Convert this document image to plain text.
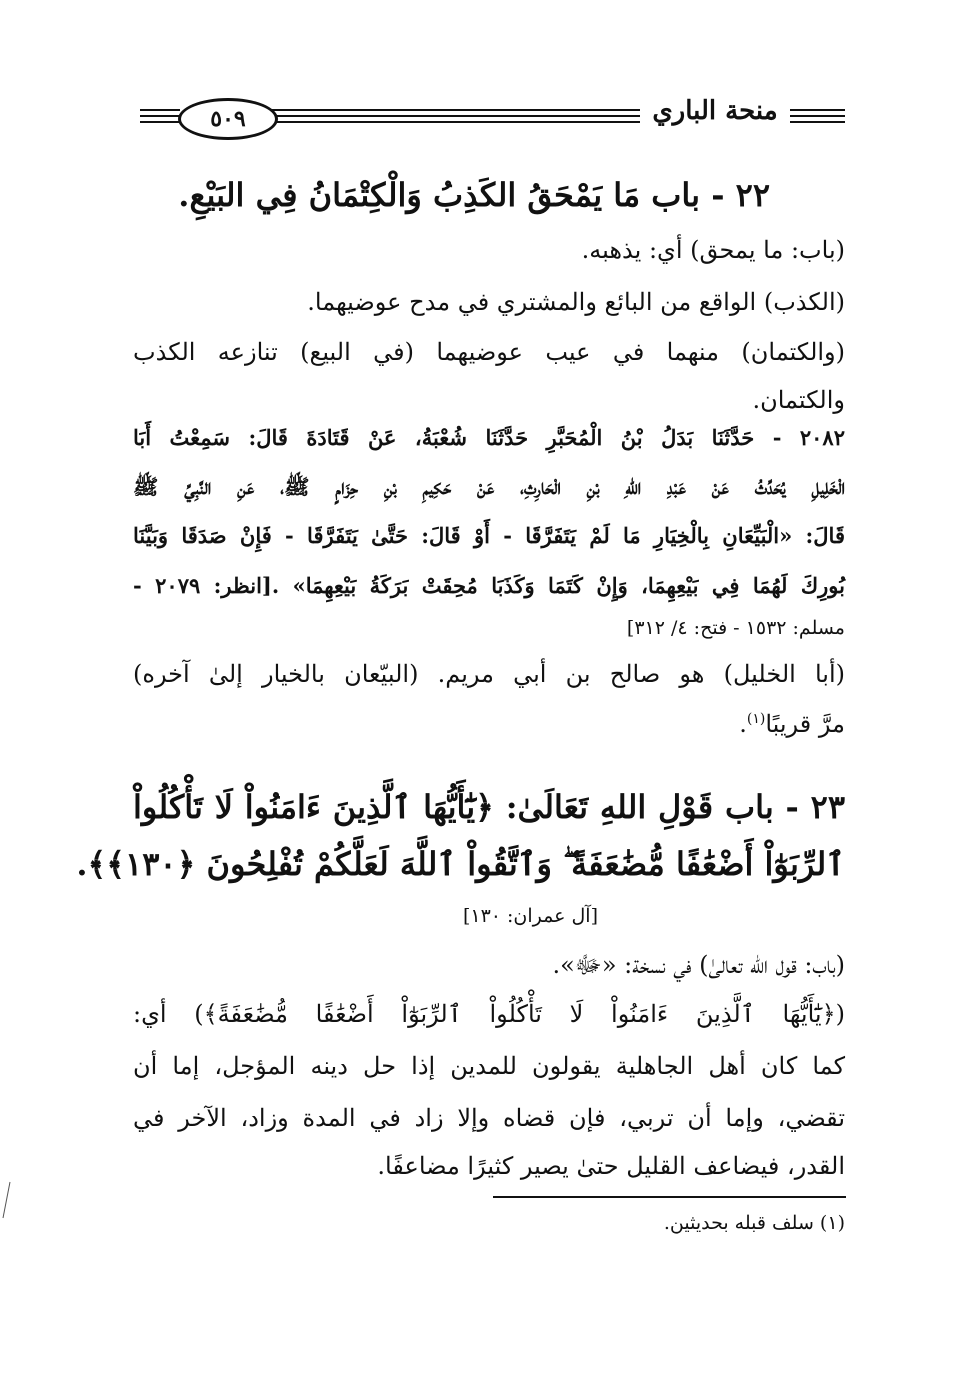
٥٠٩	منحة الباري
٢٢ - باب مَا يَمْحَقُ الكَذِبُ وَالْكِتْمَانُ فِي البَيْعِ.
(باب: ما يمحق) أي: يذهبه.
(الكذب) الواقع من البائع والمشتري في مدح عوضيهما.
(والكتمان) منهما في عيب عوضيهما (في البيع) تنازعه الكذب
والكتمان.
٢٠٨٢ - حَدَّثَنَا بَدَلُ بْنُ الْمُحَبَّرِ حَدَّثَنَا شُعْبَةُ، عَنْ قَتَادَةَ قَالَ: سَمِعْتُ أَبَا
الْخَلِيلِ يُحَدِّثُ عَنْ عَبْدِ اللهِ بْنِ الْحَارِثِ، عَنْ حَكِيمِ بْنِ حِزَامٍ ﷺ، عَنِ النَّبِيِّ ﷺ
قَالَ: «الْبَيِّعَانِ بِالْخِيَارِ مَا لَمْ يَتَفَرَّقَا - أَوْ قَالَ: حَتَّىٰ يَتَفَرَّقَا - فَإِنْ صَدَقَا وَبَيَّنَا
بُورِكَ لَهُمَا فِي بَيْعِهِمَا، وَإِنْ كَتَمَا وَكَذَبَا مُحِقَتْ بَرَكَةُ بَيْعِهِمَا» .[انظر: ٢٠٧٩ -
مسلم: ١٥٣٢ - فتح: ٤/ ٣١٢]
(أبا الخليل) هو صالح بن أبي مريم. (البيّعان بالخيار إلىٰ آخره)
مرَّ قريبًا$^{(١)}$.
٢٣ - باب قَوْلِ اللهِ تَعَالَىٰ: ﴿يَٰٓأَيُّهَا ٱلَّذِينَ ءَامَنُواْ لَا تَأْكُلُواْ
ٱلرِّبَوٰٓاْ أَضْعَٰفًا مُّضَٰعَفَةً ۖ وَٱتَّقُواْ ٱللَّهَ لَعَلَّكُمْ تُفْلِحُونَ ﴿١٣٠﴾﴾.
[آل عمران: ١٣٠]
(باب: قول الله تعالىٰ) في نسخة: «ﷻ».
(﴿يَٰٓأَيُّهَا ٱلَّذِينَ ءَامَنُواْ لَا تَأْكُلُواْ ٱلرِّبَوٰٓاْ أَضْعَٰفًا مُّضَٰعَفَةً﴾) أي:
كما كان أهل الجاهلية يقولون للمدين إذا حل دينه المؤجل، إما أن
تقضي، وإما أن تربي، فإن قضاه وإلا زاد في المدة وزاد، الآخر في
القدر، فيضاعف القليل حتىٰ يصير كثيرًا مضاعفًا.
(١) سلف قبله بحديثين.
